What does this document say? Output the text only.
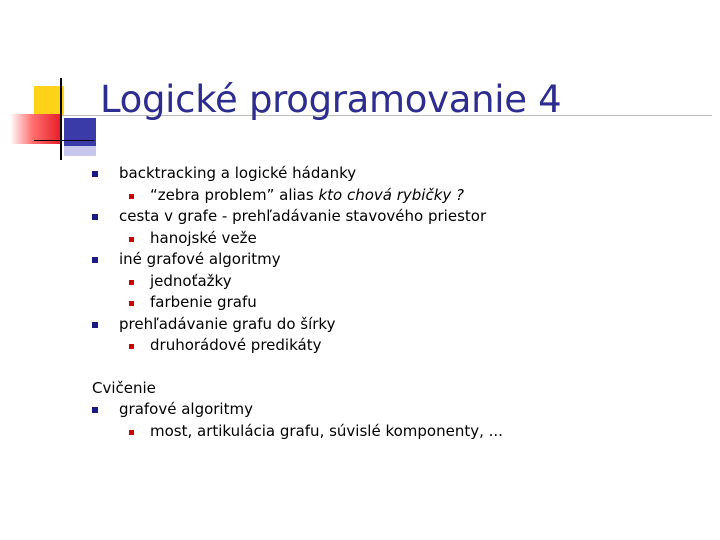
Logické programovanie 4
backtracking a logické hádanky
“zebra problem” alias kto chová rybičky ?
cesta v grafe - prehľadávanie stavového priestor
hanojské veže
iné grafové algoritmy
jednoťažky
farbenie grafu
prehľadávanie grafu do šírky
druhorádové predikáty
Cvičenie
grafové algoritmy
most, artikulácia grafu, súvislé komponenty, ...
